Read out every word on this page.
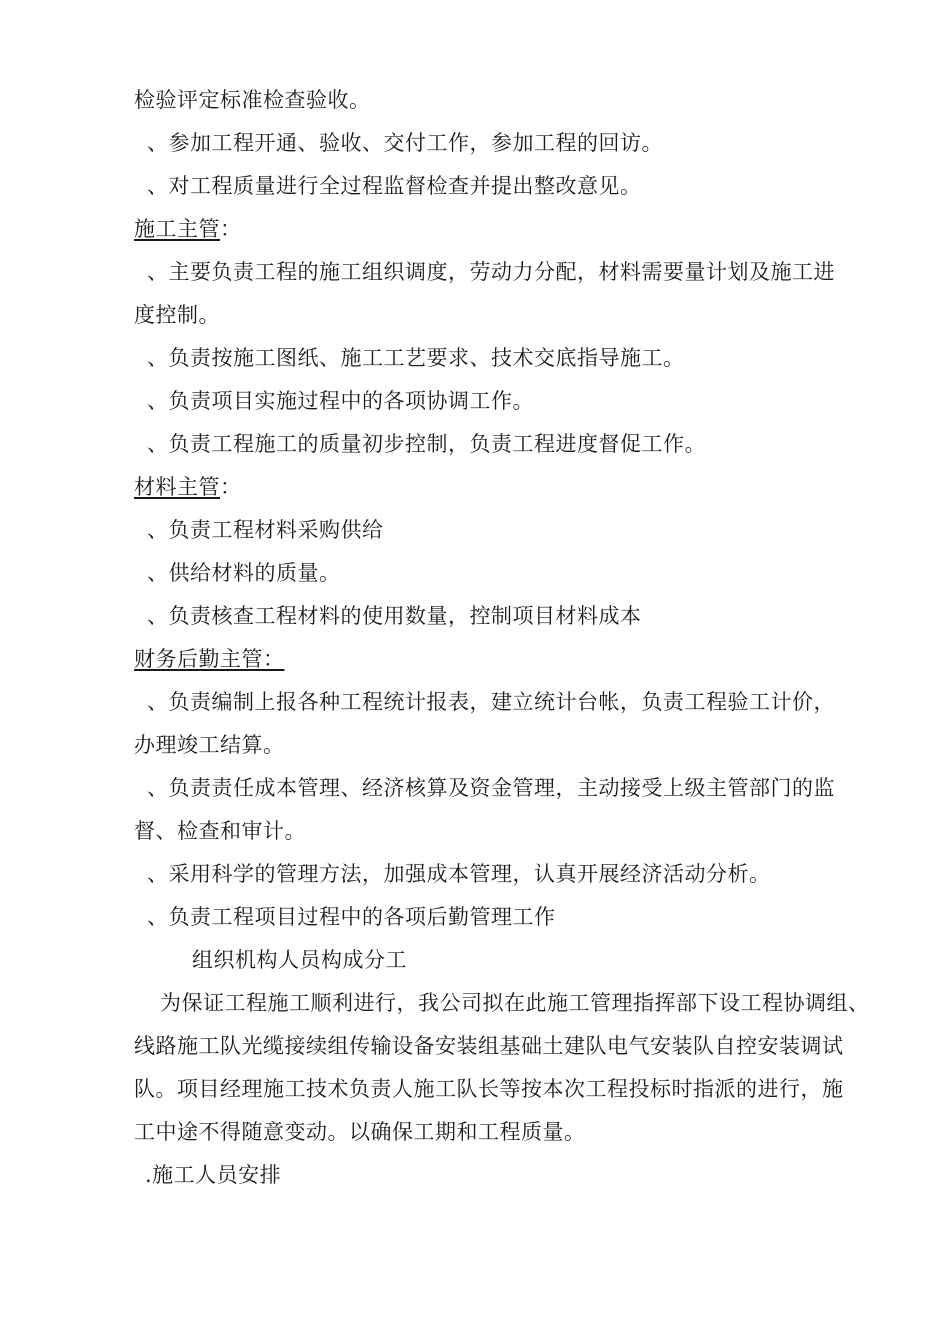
检验评定标准检查验收。
、参加工程开通、验收、交付工作，参加工程的回访。
、对工程质量进行全过程监督检查并提出整改意见。
施工主管：
、主要负责工程的施工组织调度，劳动力分配，材料需要量计划及施工进
度控制。
、负责按施工图纸、施工工艺要求、技术交底指导施工。
、负责项目实施过程中的各项协调工作。
、负责工程施工的质量初步控制，负责工程进度督促工作。
材料主管：
、负责工程材料采购供给
、供给材料的质量。
、负责核查工程材料的使用数量，控制项目材料成本
财务后勤主管：
、负责编制上报各种工程统计报表，建立统计台帐，负责工程验工计价，
办理竣工结算。
、负责责任成本管理、经济核算及资金管理，主动接受上级主管部门的监
督、检查和审计。
、采用科学的管理方法，加强成本管理，认真开展经济活动分析。
、负责工程项目过程中的各项后勤管理工作
组织机构人员构成分工
为保证工程施工顺利进行，我公司拟在此施工管理指挥部下设工程协调组、
线路施工队光缆接续组传输设备安装组基础土建队电气安装队自控安装调试
队。项目经理施工技术负责人施工队长等按本次工程投标时指派的进行，施
工中途不得随意变动。以确保工期和工程质量。
.施工人员安排
